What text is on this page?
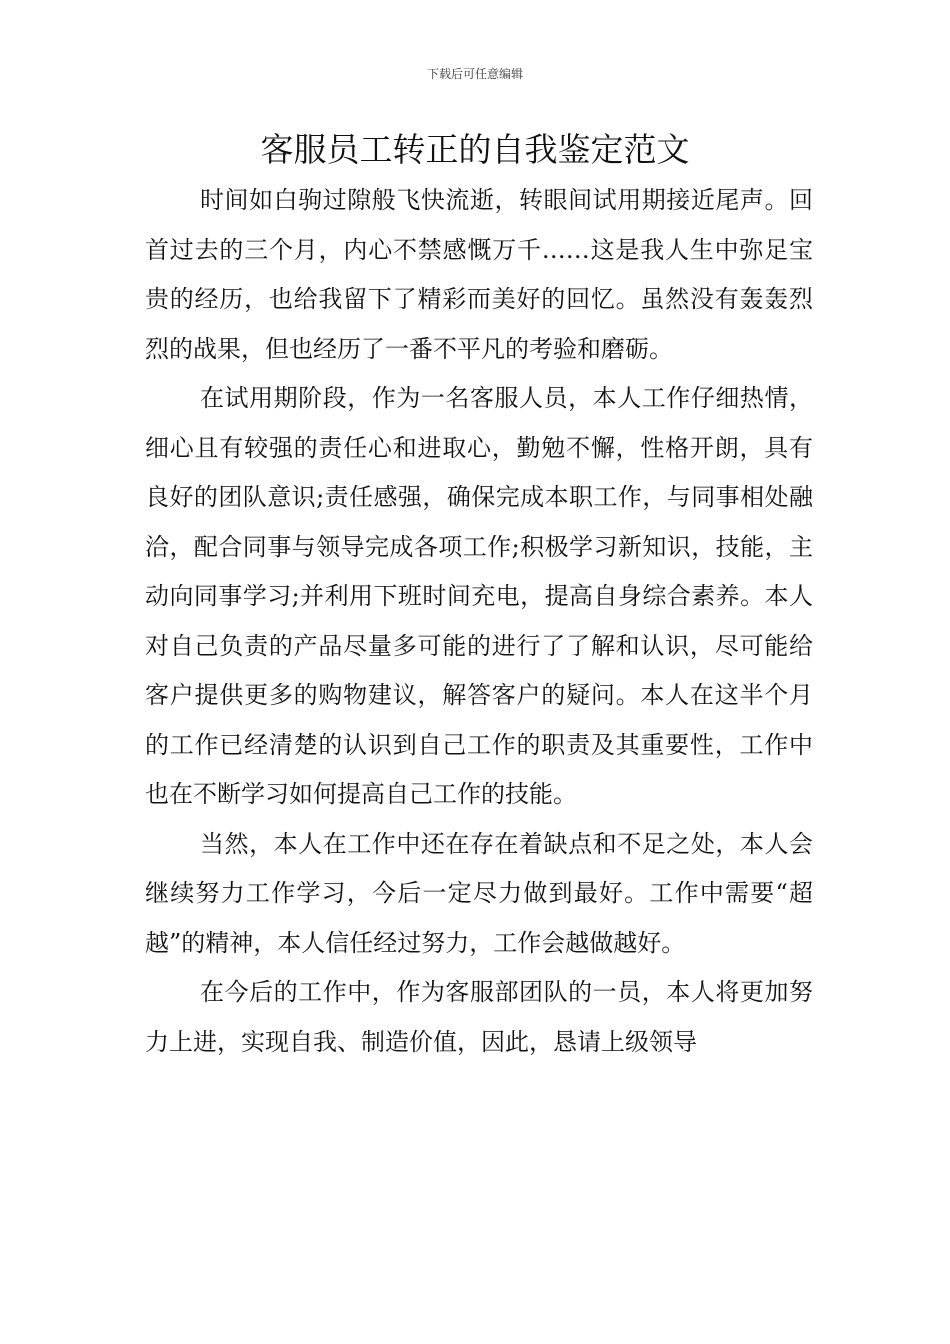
下载后可任意编辑
客服员工转正的自我鉴定范文

时间如白驹过隙般飞快流逝，转眼间试用期接近尾声。回首过去的三个月，内心不禁感慨万千……这是我人生中弥足宝贵的经历，也给我留下了精彩而美好的回忆。虽然没有轰轰烈烈的战果，但也经历了一番不平凡的考验和磨砺。

在试用期阶段，作为一名客服人员，本人工作仔细热情，细心且有较强的责任心和进取心，勤勉不懈，性格开朗，具有良好的团队意识;责任感强，确保完成本职工作，与同事相处融洽，配合同事与领导完成各项工作;积极学习新知识，技能，主动向同事学习;并利用下班时间充电，提高自身综合素养。本人对自己负责的产品尽量多可能的进行了了解和认识，尽可能给客户提供更多的购物建议，解答客户的疑问。本人在这半个月的工作已经清楚的认识到自己工作的职责及其重要性，工作中也在不断学习如何提高自己工作的技能。

当然，本人在工作中还在存在着缺点和不足之处，本人会继续努力工作学习，今后一定尽力做到最好。工作中需要“超越”的精神，本人信任经过努力，工作会越做越好。

在今后的工作中，作为客服部团队的一员，本人将更加努力上进，实现自我、制造价值，因此，恳请上级领导
